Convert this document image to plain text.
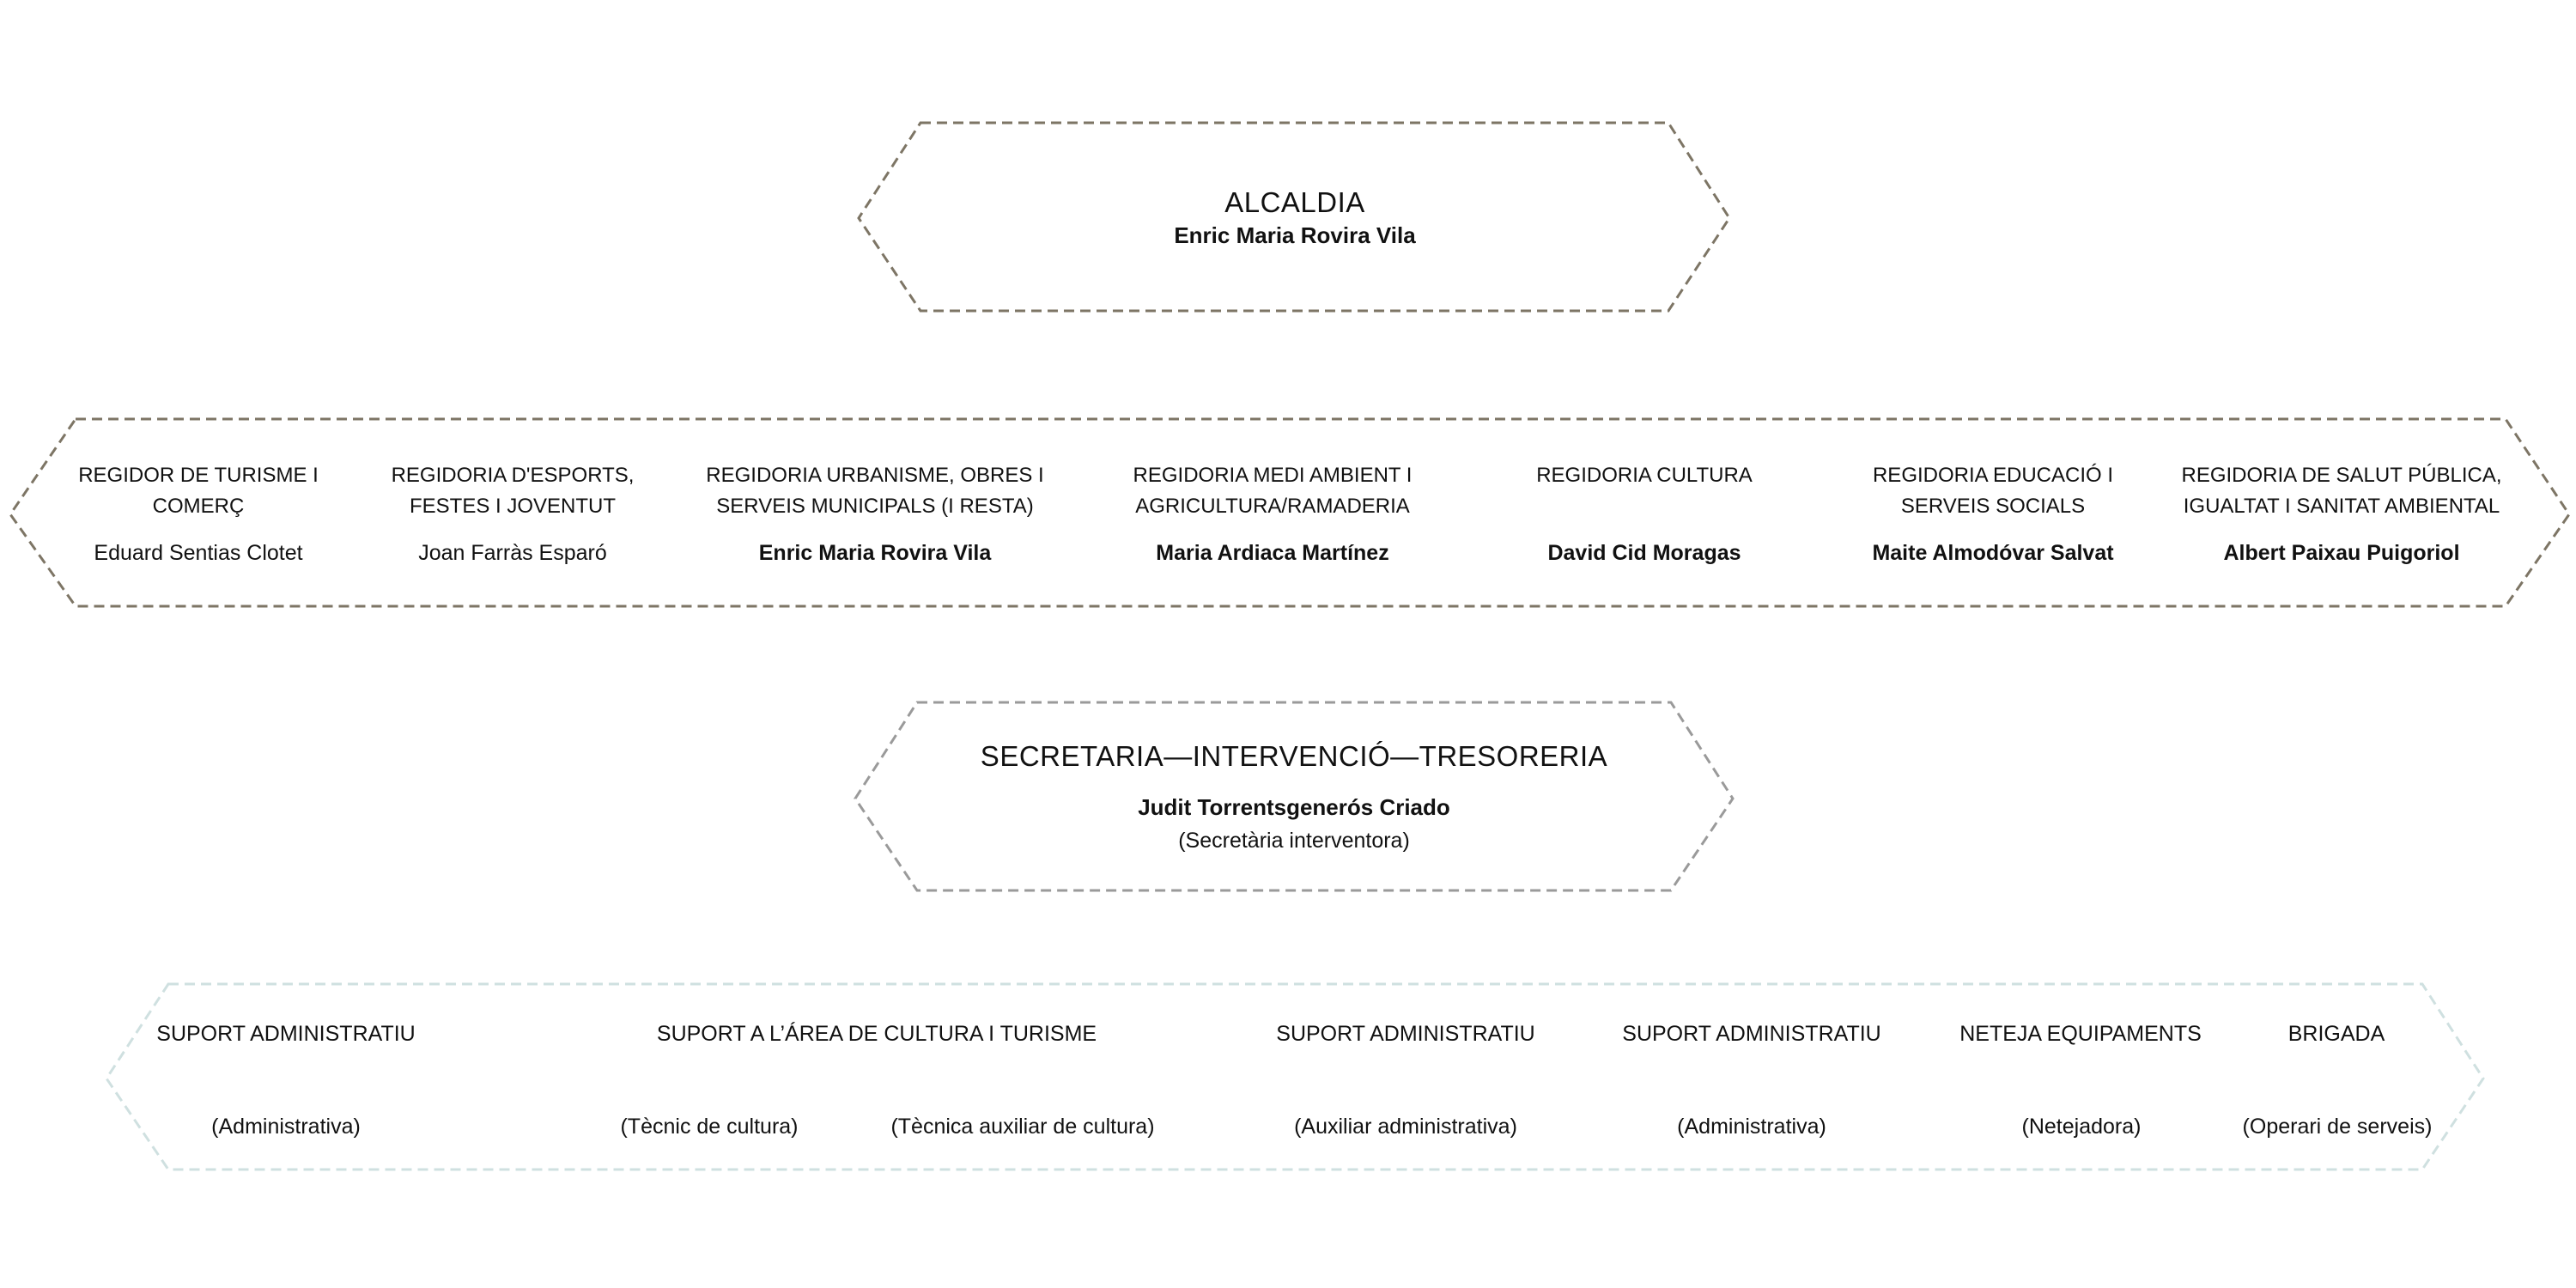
ALCALDIA
Enric Maria Rovira Vila
REGIDOR DE TURISME I
COMERÇ
Eduard Sentias Clotet
REGIDORIA D'ESPORTS,
FESTES I JOVENTUT
Joan Farràs Esparó
REGIDORIA URBANISME, OBRES I
SERVEIS MUNICIPALS (I RESTA)
Enric Maria Rovira Vila
REGIDORIA MEDI AMBIENT I
AGRICULTURA/RAMADERIA
Maria Ardiaca Martínez
REGIDORIA CULTURA
David Cid Moragas
REGIDORIA EDUCACIÓ I
SERVEIS SOCIALS
Maite Almodóvar Salvat
REGIDORIA DE SALUT PÚBLICA,
IGUALTAT I SANITAT AMBIENTAL
Albert Paixau Puigoriol
SECRETARIA—INTERVENCIÓ—TRESORERIA
Judit Torrentsgenerós Criado
(Secretària interventora)
SUPORT ADMINISTRATIU	SUPORT A L’ÁREA DE CULTURA I TURISME	SUPORT ADMINISTRATIU	SUPORT ADMINISTRATIU	NETEJA EQUIPAMENTS	BRIGADA
(Administrativa)	(Tècnic de cultura)	(Tècnica auxiliar de cultura)	(Auxiliar administrativa)	(Administrativa)	(Netejadora)	(Operari de serveis)
